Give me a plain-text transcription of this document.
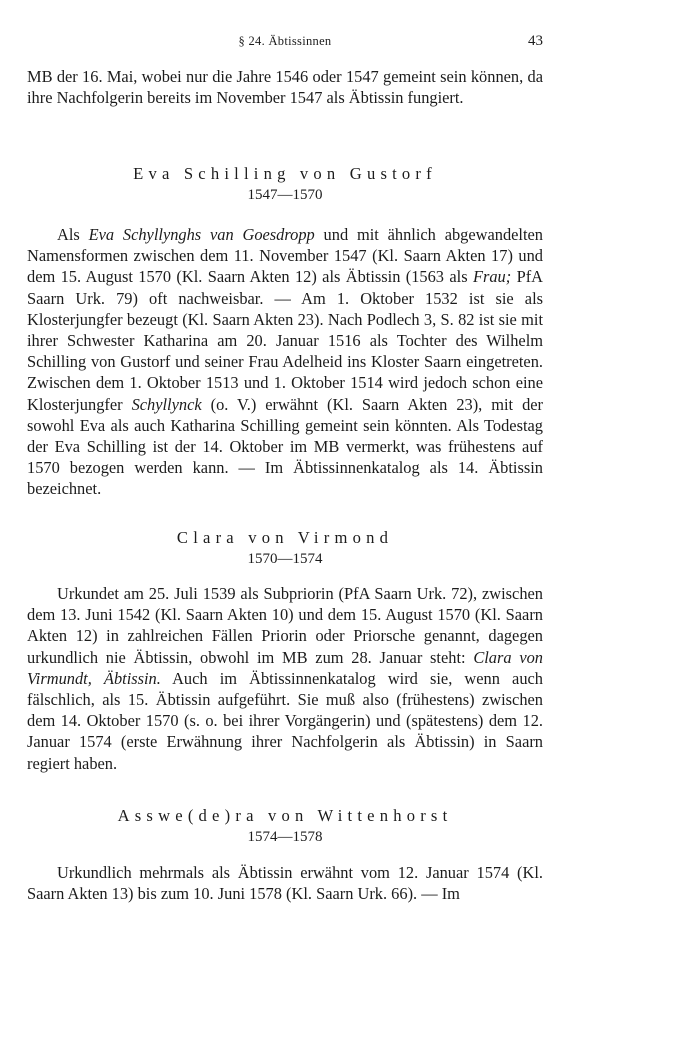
§ 24. Äbtissinnen	43

MB der 16. Mai, wobei nur die Jahre 1546 oder 1547 gemeint sein können, da ihre Nachfolgerin bereits im November 1547 als Äbtissin fungiert.

Eva Schilling von Gustorf
1547—1570

Als Eva Schyllynghs van Goesdropp und mit ähnlich abgewandelten Namensformen zwischen dem 11. November 1547 (Kl. Saarn Akten 17) und dem 15. August 1570 (Kl. Saarn Akten 12) als Äbtissin (1563 als Frau; PfA Saarn Urk. 79) oft nachweisbar. — Am 1. Oktober 1532 ist sie als Klosterjungfer bezeugt (Kl. Saarn Akten 23). Nach Podlech 3, S. 82 ist sie mit ihrer Schwester Katharina am 20. Januar 1516 als Tochter des Wilhelm Schilling von Gustorf und seiner Frau Adelheid ins Kloster Saarn eingetreten. Zwischen dem 1. Oktober 1513 und 1. Oktober 1514 wird jedoch schon eine Klosterjungfer Schyllynck (o. V.) erwähnt (Kl. Saarn Akten 23), mit der sowohl Eva als auch Katharina Schilling gemeint sein könnten. Als Todestag der Eva Schilling ist der 14. Oktober im MB vermerkt, was frühestens auf 1570 bezogen werden kann. — Im Äbtissinnenkatalog als 14. Äbtissin bezeichnet.

Clara von Virmond
1570—1574

Urkundet am 25. Juli 1539 als Subpriorin (PfA Saarn Urk. 72), zwischen dem 13. Juni 1542 (Kl. Saarn Akten 10) und dem 15. August 1570 (Kl. Saarn Akten 12) in zahlreichen Fällen Priorin oder Priorsche genannt, dagegen urkundlich nie Äbtissin, obwohl im MB zum 28. Januar steht: Clara von Virmundt, Äbtissin. Auch im Äbtissinnenkatalog wird sie, wenn auch fälschlich, als 15. Äbtissin aufgeführt. Sie muß also (frühestens) zwischen dem 14. Oktober 1570 (s. o. bei ihrer Vorgängerin) und (spätestens) dem 12. Januar 1574 (erste Erwähnung ihrer Nachfolgerin als Äbtissin) in Saarn regiert haben.

Asswe(de)ra von Wittenhorst
1574—1578

Urkundlich mehrmals als Äbtissin erwähnt vom 12. Januar 1574 (Kl. Saarn Akten 13) bis zum 10. Juni 1578 (Kl. Saarn Urk. 66). — Im
